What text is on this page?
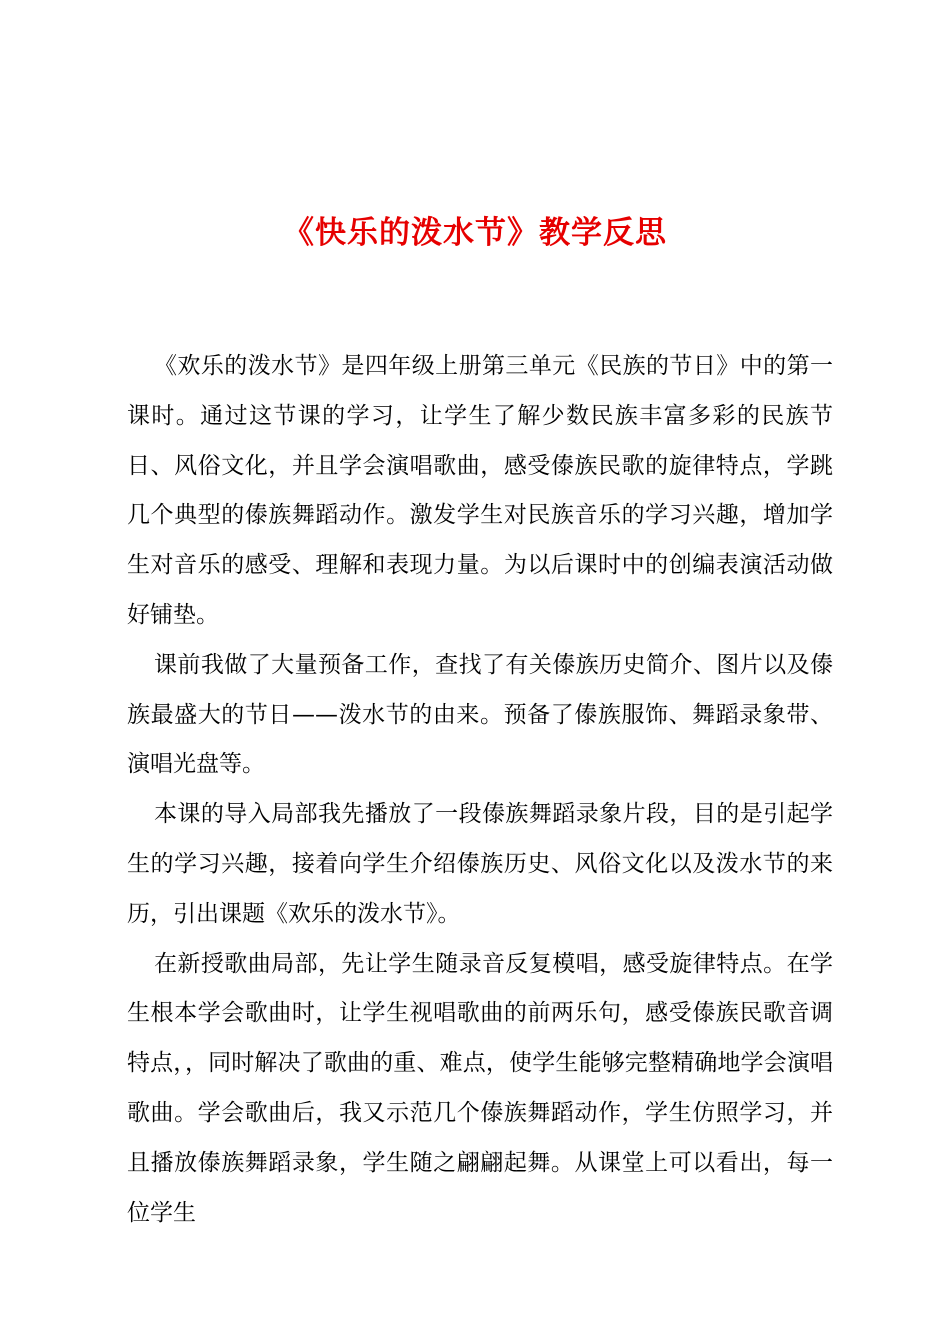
《快乐的泼水节》教学反思

《欢乐的泼水节》是四年级上册第三单元《民族的节日》中的第一课时。通过这节课的学习，让学生了解少数民族丰富多彩的民族节日、风俗文化，并且学会演唱歌曲，感受傣族民歌的旋律特点，学跳几个典型的傣族舞蹈动作。激发学生对民族音乐的学习兴趣，增加学生对音乐的感受、理解和表现力量。为以后课时中的创编表演活动做好铺垫。

课前我做了大量预备工作，查找了有关傣族历史简介、图片以及傣族最盛大的节日——泼水节的由来。预备了傣族服饰、舞蹈录象带、演唱光盘等。

本课的导入局部我先播放了一段傣族舞蹈录象片段，目的是引起学生的学习兴趣，接着向学生介绍傣族历史、风俗文化以及泼水节的来历，引出课题《欢乐的泼水节》。

在新授歌曲局部，先让学生随录音反复模唱，感受旋律特点。在学生根本学会歌曲时，让学生视唱歌曲的前两乐句，感受傣族民歌音调特点，，同时解决了歌曲的重、难点，使学生能够完整精确地学会演唱歌曲。学会歌曲后，我又示范几个傣族舞蹈动作，学生仿照学习，并且播放傣族舞蹈录象，学生随之翩翩起舞。从课堂上可以看出，每一位学生
